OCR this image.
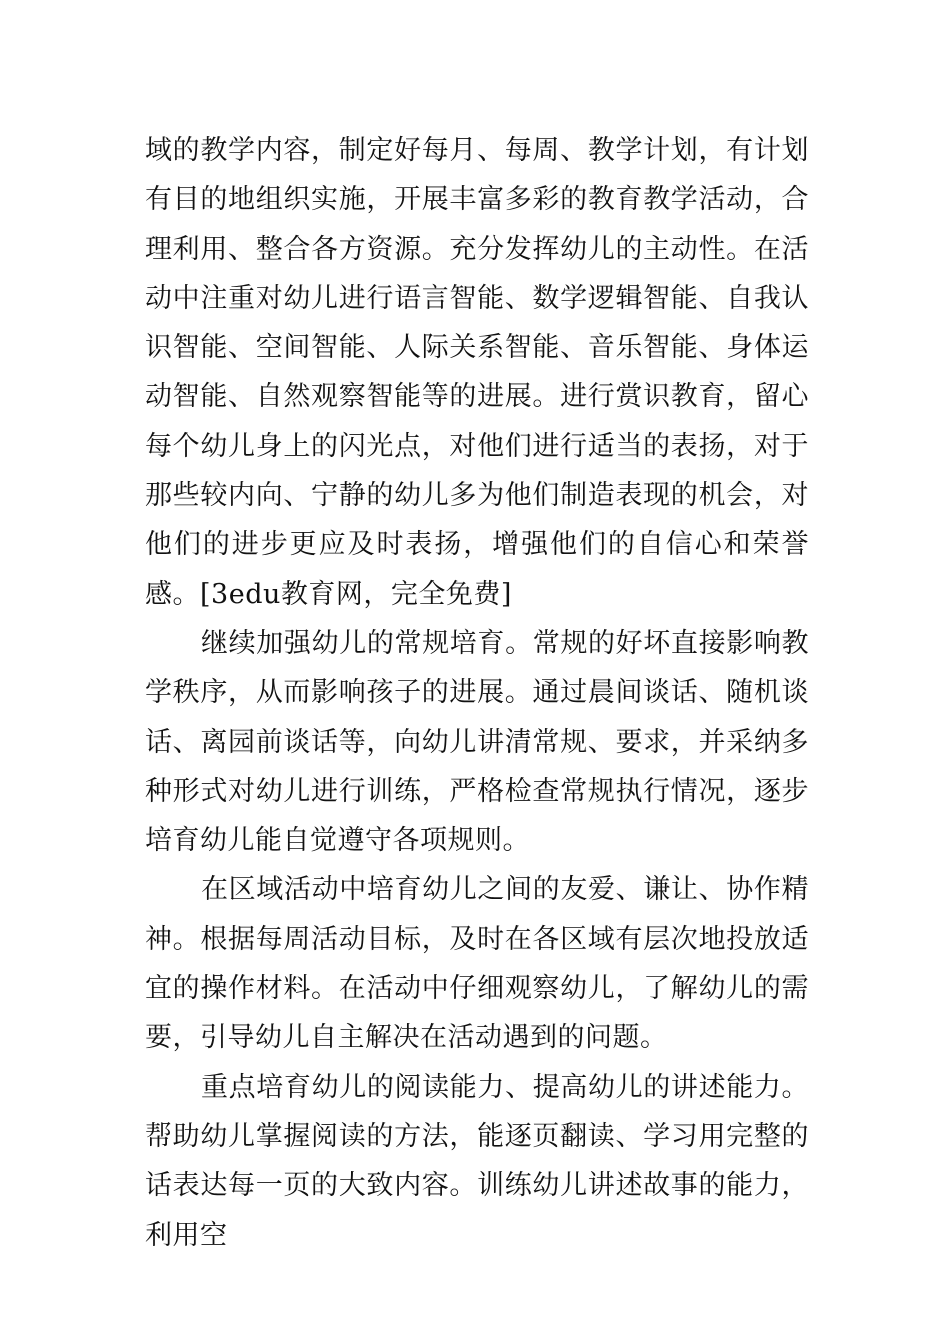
域的教学内容，制定好每月、每周、教学计划，有计划有目的地组织实施，开展丰富多彩的教育教学活动，合理利用、整合各方资源。充分发挥幼儿的主动性。在活动中注重对幼儿进行语言智能、数学逻辑智能、自我认识智能、空间智能、人际关系智能、音乐智能、身体运动智能、自然观察智能等的进展。进行赏识教育，留心每个幼儿身上的闪光点，对他们进行适当的表扬，对于那些较内向、宁静的幼儿多为他们制造表现的机会，对他们的进步更应及时表扬，增强他们的自信心和荣誉感。[3edu教育网，完全免费]

继续加强幼儿的常规培育。常规的好坏直接影响教学秩序，从而影响孩子的进展。通过晨间谈话、随机谈话、离园前谈话等，向幼儿讲清常规、要求，并采纳多种形式对幼儿进行训练，严格检查常规执行情况，逐步培育幼儿能自觉遵守各项规则。

在区域活动中培育幼儿之间的友爱、谦让、协作精神。根据每周活动目标，及时在各区域有层次地投放适宜的操作材料。在活动中仔细观察幼儿，了解幼儿的需要，引导幼儿自主解决在活动遇到的问题。

重点培育幼儿的阅读能力、提高幼儿的讲述能力。帮助幼儿掌握阅读的方法，能逐页翻读、学习用完整的话表达每一页的大致内容。训练幼儿讲述故事的能力，利用空
